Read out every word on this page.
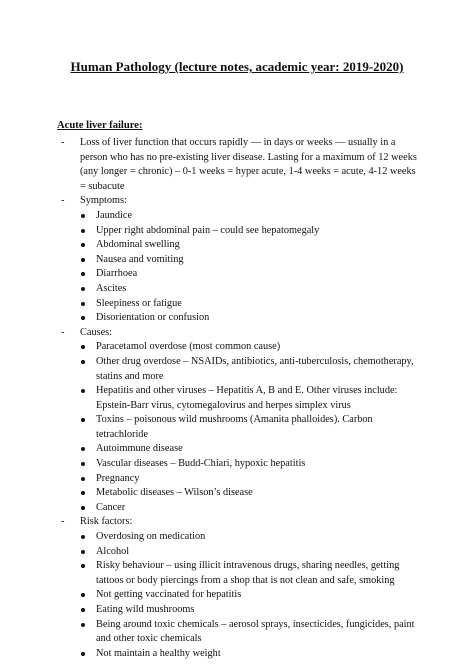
Human Pathology (lecture notes, academic year: 2019-2020)
Acute liver failure:
- Loss of liver function that occurs rapidly — in days or weeks — usually in a person who has no pre-existing liver disease. Lasting for a maximum of 12 weeks (any longer = chronic) – 0-1 weeks = hyper acute, 1-4 weeks = acute, 4-12 weeks = subacute
- Symptoms:
Jaundice
Upper right abdominal pain – could see hepatomegaly
Abdominal swelling
Nausea and vomiting
Diarrhoea
Ascites
Sleepiness or fatigue
Disorientation or confusion
- Causes:
Paracetamol overdose (most common cause)
Other drug overdose – NSAIDs, antibiotics, anti-tuberculosis, chemotherapy, statins and more
Hepatitis and other viruses – Hepatitis A, B and E. Other viruses include: Epstein-Barr virus, cytomegalovirus and herpes simplex virus
Toxins – poisonous wild mushrooms (Amanita phalloides). Carbon tetrachloride
Autoimmune disease
Vascular diseases – Budd-Chiari, hypoxic hepatitis
Pregnancy
Metabolic diseases – Wilson’s disease
Cancer
- Risk factors:
Overdosing on medication
Alcohol
Risky behaviour – using illicit intravenous drugs, sharing needles, getting tattoos or body piercings from a shop that is not clean and safe, smoking
Not getting vaccinated for hepatitis
Eating wild mushrooms
Being around toxic chemicals – aerosol sprays, insecticides, fungicides, paint and other toxic chemicals
Not maintain a healthy weight
